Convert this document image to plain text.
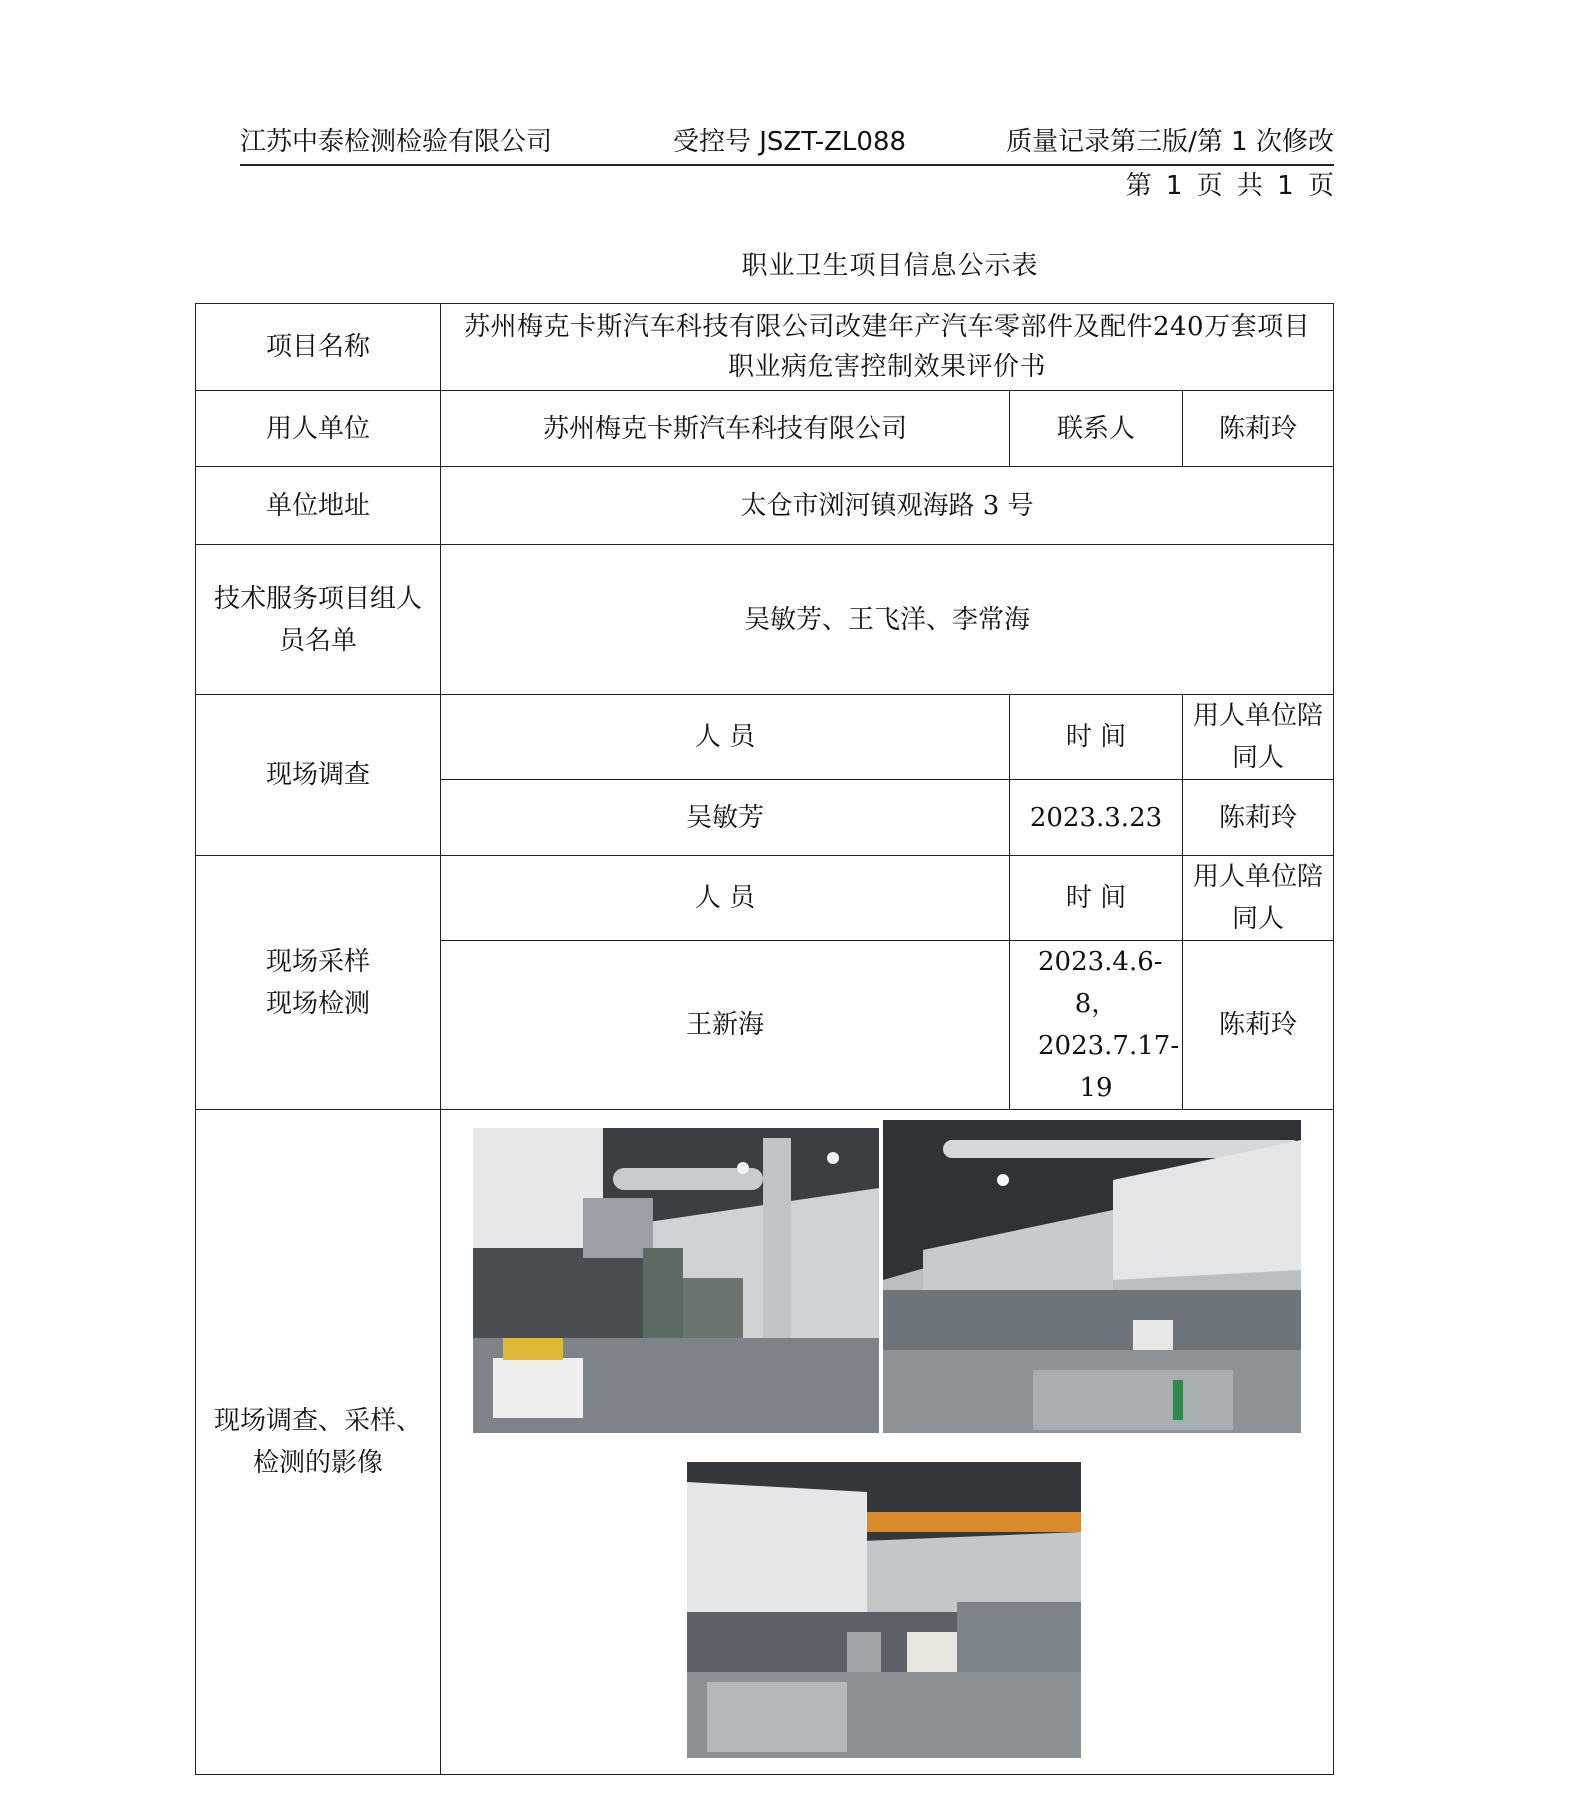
江苏中泰检测检验有限公司	受控号 JSZT-ZL088	质量记录第三版/第 1 次修改
第 1 页 共 1 页
职业卫生项目信息公示表
项目名称	苏州梅克卡斯汽车科技有限公司改建年产汽车零部件及配件240万套项目职业病危害控制效果评价书		
用人单位	苏州梅克卡斯汽车科技有限公司	联系人	陈莉玲
单位地址	太仓市浏河镇观海路 3 号		
技术服务项目组人员名单	吴敏芳、王飞洋、李常海		
现场调查	人 员	时 间	用人单位陪同人
	吴敏芳	2023.3.23	陈莉玲
现场采样 现场检测	人 员	时 间	用人单位陪同人
	王新海	2023.4.6-8，2023.7.17-19	陈莉玲
现场调查、采样、检测的影像	
